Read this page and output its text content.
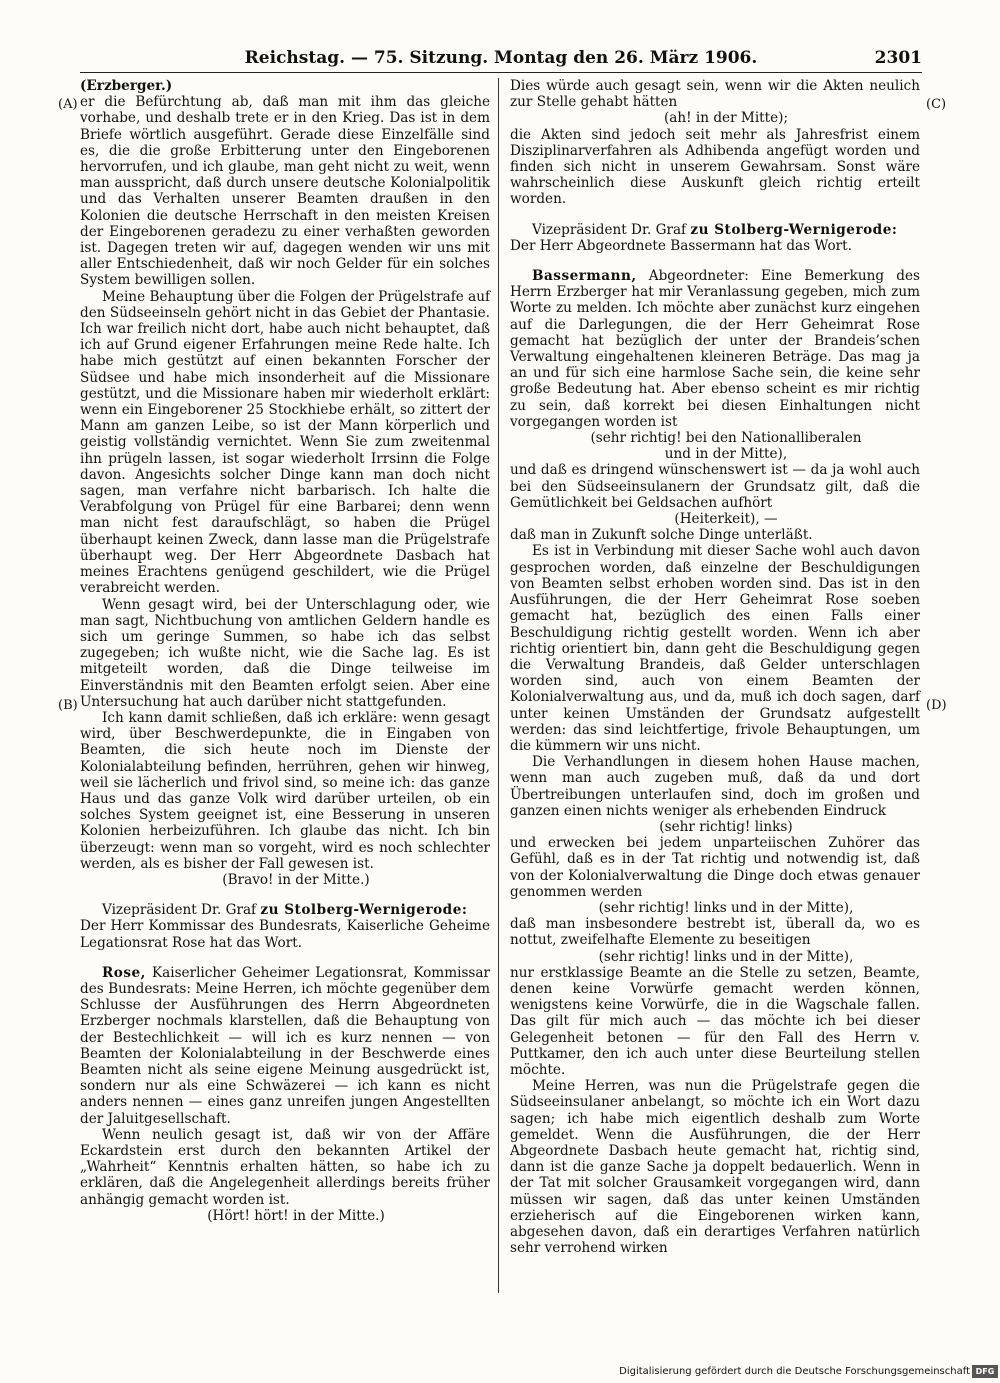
Reichstag. — 75. Sitzung. Montag den 26. März 1906.	2301
(A)
(B)
(C)
(D)

(Erzberger.)

er die Befürchtung ab, daß man mit ihm das gleiche vorhabe, und deshalb trete er in den Krieg. Das ist in dem Briefe wörtlich ausgeführt. Gerade diese Einzelfälle sind es, die die große Erbitterung unter den Eingeborenen hervorrufen, und ich glaube, man geht nicht zu weit, wenn man ausspricht, daß durch unsere deutsche Kolonialpolitik und das Verhalten unserer Beamten draußen in den Kolonien die deutsche Herrschaft in den meisten Kreisen der Eingeborenen geradezu zu einer verhaßten geworden ist. Dagegen treten wir auf, dagegen wenden wir uns mit aller Entschiedenheit, daß wir noch Gelder für ein solches System bewilligen sollen.

Meine Behauptung über die Folgen der Prügelstrafe auf den Südseeinseln gehört nicht in das Gebiet der Phantasie. Ich war freilich nicht dort, habe auch nicht behauptet, daß ich auf Grund eigener Erfahrungen meine Rede halte. Ich habe mich gestützt auf einen bekannten Forscher der Südsee und habe mich insonderheit auf die Missionare gestützt, und die Missionare haben mir wiederholt erklärt: wenn ein Eingeborener 25 Stockhiebe erhält, so zittert der Mann am ganzen Leibe, so ist der Mann körperlich und geistig vollständig vernichtet. Wenn Sie zum zweitenmal ihn prügeln lassen, ist sogar wiederholt Irrsinn die Folge davon. Angesichts solcher Dinge kann man doch nicht sagen, man verfahre nicht barbarisch. Ich halte die Verabfolgung von Prügel für eine Barbarei; denn wenn man nicht fest daraufschlägt, so haben die Prügel überhaupt keinen Zweck, dann lasse man die Prügelstrafe überhaupt weg. Der Herr Abgeordnete Dasbach hat meines Erachtens genügend geschildert, wie die Prügel verabreicht werden.

Wenn gesagt wird, bei der Unterschlagung oder, wie man sagt, Nichtbuchung von amtlichen Geldern handle es sich um geringe Summen, so habe ich das selbst zugegeben; ich wußte nicht, wie die Sache lag. Es ist mitgeteilt worden, daß die Dinge teilweise im Einverständnis mit den Beamten erfolgt seien. Aber eine Untersuchung hat auch darüber nicht stattgefunden.

Ich kann damit schließen, daß ich erkläre: wenn gesagt wird, über Beschwerdepunkte, die in Eingaben von Beamten, die sich heute noch im Dienste der Kolonialabteilung befinden, herrühren, gehen wir hinweg, weil sie lächerlich und frivol sind, so meine ich: das ganze Haus und das ganze Volk wird darüber urteilen, ob ein solches System geeignet ist, eine Besserung in unseren Kolonien herbeizuführen. Ich glaube das nicht. Ich bin überzeugt: wenn man so vorgeht, wird es noch schlechter werden, als es bisher der Fall gewesen ist.

(Bravo! in der Mitte.)

Vizepräsident Dr. Graf zu Stolberg-Wernigerode:

Der Herr Kommissar des Bundesrats, Kaiserliche Geheime Legationsrat Rose hat das Wort.

Rose, Kaiserlicher Geheimer Legationsrat, Kommissar des Bundesrats: Meine Herren, ich möchte gegenüber dem Schlusse der Ausführungen des Herrn Abgeordneten Erzberger nochmals klarstellen, daß die Behauptung von der Bestechlichkeit — will ich es kurz nennen — von Beamten der Kolonialabteilung in der Beschwerde eines Beamten nicht als seine eigene Meinung ausgedrückt ist, sondern nur als eine Schwäzerei — ich kann es nicht anders nennen — eines ganz unreifen jungen Angestellten der Jaluitgesellschaft.

Wenn neulich gesagt ist, daß wir von der Affäre Eckardstein erst durch den bekannten Artikel der „Wahrheit“ Kenntnis erhalten hätten, so habe ich zu erklären, daß die Angelegenheit allerdings bereits früher anhängig gemacht worden ist.

(Hört! hört! in der Mitte.)

Dies würde auch gesagt sein, wenn wir die Akten neulich zur Stelle gehabt hätten

(ah! in der Mitte);

die Akten sind jedoch seit mehr als Jahresfrist einem Disziplinarverfahren als Adhibenda angefügt worden und finden sich nicht in unserem Gewahrsam. Sonst wäre wahrscheinlich diese Auskunft gleich richtig erteilt worden.

Vizepräsident Dr. Graf zu Stolberg-Wernigerode:

Der Herr Abgeordnete Bassermann hat das Wort.

Bassermann, Abgeordneter: Eine Bemerkung des Herrn Erzberger hat mir Veranlassung gegeben, mich zum Worte zu melden. Ich möchte aber zunächst kurz eingehen auf die Darlegungen, die der Herr Geheimrat Rose gemacht hat bezüglich der unter der Brandeis’schen Verwaltung eingehaltenen kleineren Beträge. Das mag ja an und für sich eine harmlose Sache sein, die keine sehr große Bedeutung hat. Aber ebenso scheint es mir richtig zu sein, daß korrekt bei diesen Einhaltungen nicht vorgegangen worden ist

(sehr richtig! bei den Nationalliberalen

und in der Mitte),

und daß es dringend wünschenswert ist — da ja wohl auch bei den Südseeinsulanern der Grundsatz gilt, daß die Gemütlichkeit bei Geldsachen aufhört

(Heiterkeit), —

daß man in Zukunft solche Dinge unterläßt.

Es ist in Verbindung mit dieser Sache wohl auch davon gesprochen worden, daß einzelne der Beschuldigungen von Beamten selbst erhoben worden sind. Das ist in den Ausführungen, die der Herr Geheimrat Rose soeben gemacht hat, bezüglich des einen Falls einer Beschuldigung richtig gestellt worden. Wenn ich aber richtig orientiert bin, dann geht die Beschuldigung gegen die Verwaltung Brandeis, daß Gelder unterschlagen worden sind, auch von einem Beamten der Kolonialverwaltung aus, und da, muß ich doch sagen, darf unter keinen Umständen der Grundsatz aufgestellt werden: das sind leichtfertige, frivole Behauptungen, um die kümmern wir uns nicht.

Die Verhandlungen in diesem hohen Hause machen, wenn man auch zugeben muß, daß da und dort Übertreibungen unterlaufen sind, doch im großen und ganzen einen nichts weniger als erhebenden Eindruck

(sehr richtig! links)

und erwecken bei jedem unparteiischen Zuhörer das Gefühl, daß es in der Tat richtig und notwendig ist, daß von der Kolonialverwaltung die Dinge doch etwas genauer genommen werden

(sehr richtig! links und in der Mitte),

daß man insbesondere bestrebt ist, überall da, wo es nottut, zweifelhafte Elemente zu beseitigen

(sehr richtig! links und in der Mitte),

nur erstklassige Beamte an die Stelle zu setzen, Beamte, denen keine Vorwürfe gemacht werden können, wenigstens keine Vorwürfe, die in die Wagschale fallen. Das gilt für mich auch — das möchte ich bei dieser Gelegenheit betonen — für den Fall des Herrn v. Puttkamer, den ich auch unter diese Beurteilung stellen möchte.

Meine Herren, was nun die Prügelstrafe gegen die Südseeinsulaner anbelangt, so möchte ich ein Wort dazu sagen; ich habe mich eigentlich deshalb zum Worte gemeldet. Wenn die Ausführungen, die der Herr Abgeordnete Dasbach heute gemacht hat, richtig sind, dann ist die ganze Sache ja doppelt bedauerlich. Wenn in der Tat mit solcher Grausamkeit vorgegangen wird, dann müssen wir sagen, daß das unter keinen Umständen erzieherisch auf die Eingeborenen wirken kann, abgesehen davon, daß ein derartiges Verfahren natürlich sehr verrohend wirken

Digitalisierung gefördert durch die Deutsche Forschungsgemeinschaft DFG
